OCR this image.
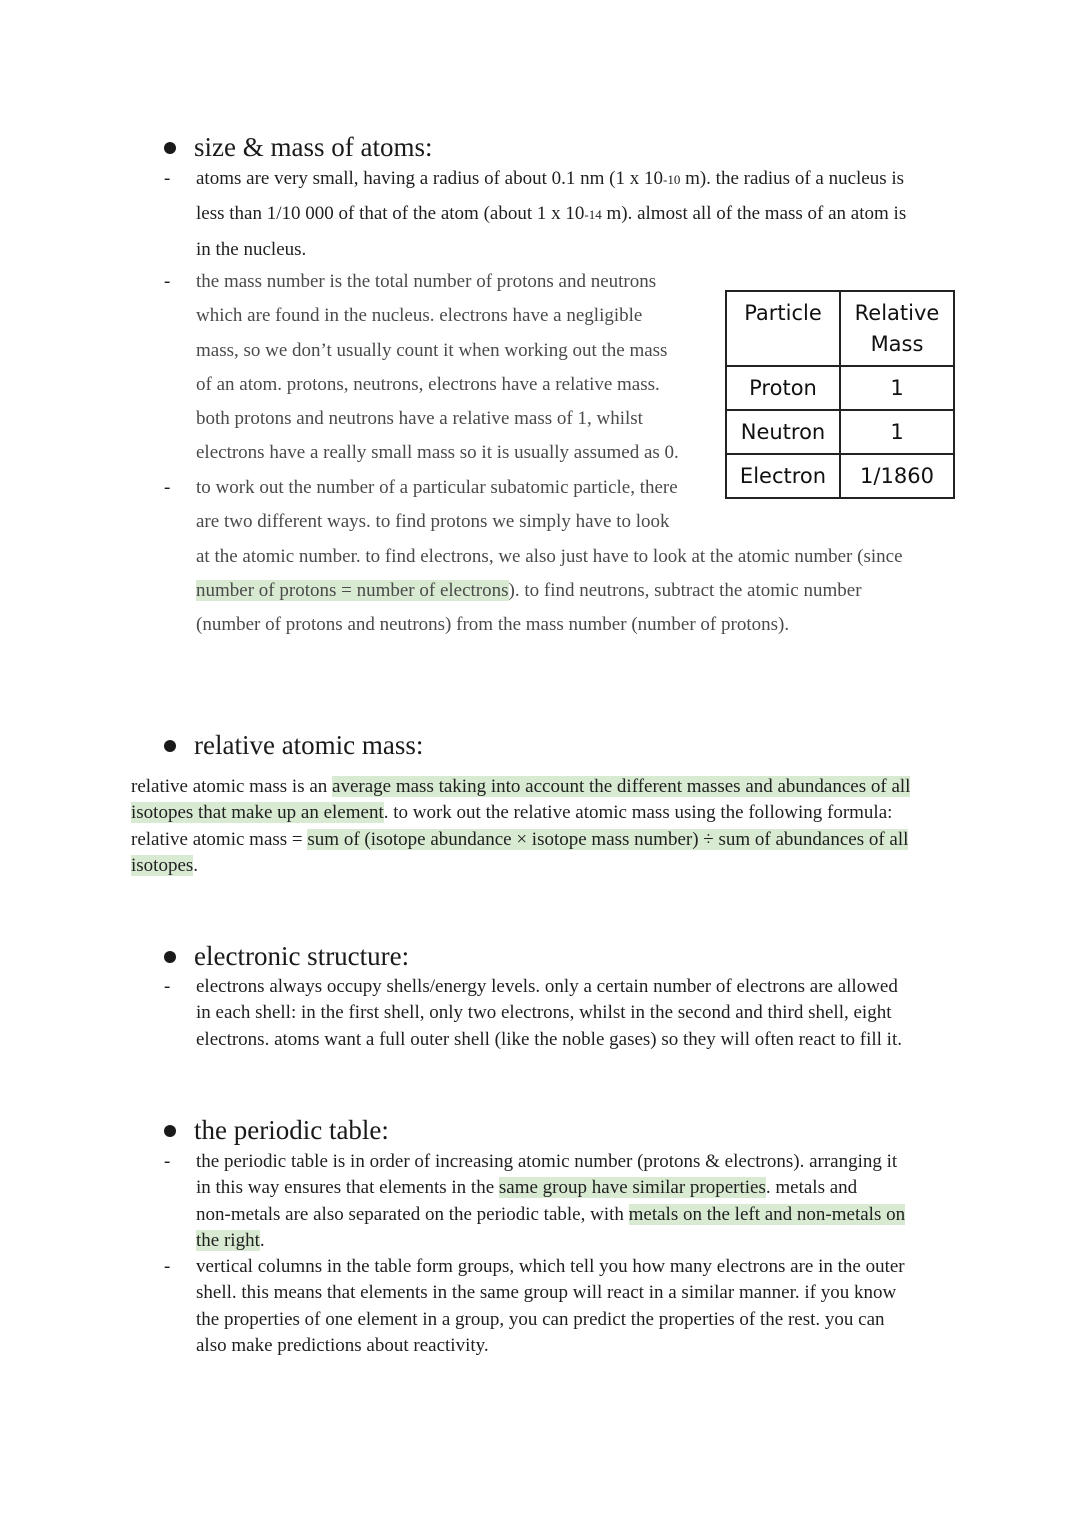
size & mass of atoms:
- atoms are very small, having a radius of about 0.1 nm (1 x 10-10 m). the radius of a nucleus is
less than 1/10 000 of that of the atom (about 1 x 10-14 m). almost all of the mass of an atom is
in the nucleus.
- the mass number is the total number of protons and neutrons
which are found in the nucleus. electrons have a negligible
mass, so we don’t usually count it when working out the mass
of an atom. protons, neutrons, electrons have a relative mass.
both protons and neutrons have a relative mass of 1, whilst
electrons have a really small mass so it is usually assumed as 0.
- to work out the number of a particular subatomic particle, there
are two different ways. to find protons we simply have to look
at the atomic number. to find electrons, we also just have to look at the atomic number (since
number of protons = number of electrons). to find neutrons, subtract the atomic number
(number of protons and neutrons) from the mass number (number of protons).
Particle	Relative
Mass
Proton	1
Neutron	1
Electron	1/1860
relative atomic mass:
relative atomic mass is an average mass taking into account the different masses and abundances of all
isotopes that make up an element. to work out the relative atomic mass using the following formula:
relative atomic mass = sum of (isotope abundance × isotope mass number) ÷ sum of abundances of all
isotopes.
electronic structure:
- electrons always occupy shells/energy levels. only a certain number of electrons are allowed
in each shell: in the first shell, only two electrons, whilst in the second and third shell, eight
electrons. atoms want a full outer shell (like the noble gases) so they will often react to fill it.
the periodic table:
- the periodic table is in order of increasing atomic number (protons & electrons). arranging it
in this way ensures that elements in the same group have similar properties. metals and
non-metals are also separated on the periodic table, with metals on the left and non-metals on
the right.
- vertical columns in the table form groups, which tell you how many electrons are in the outer
shell. this means that elements in the same group will react in a similar manner. if you know
the properties of one element in a group, you can predict the properties of the rest. you can
also make predictions about reactivity.
